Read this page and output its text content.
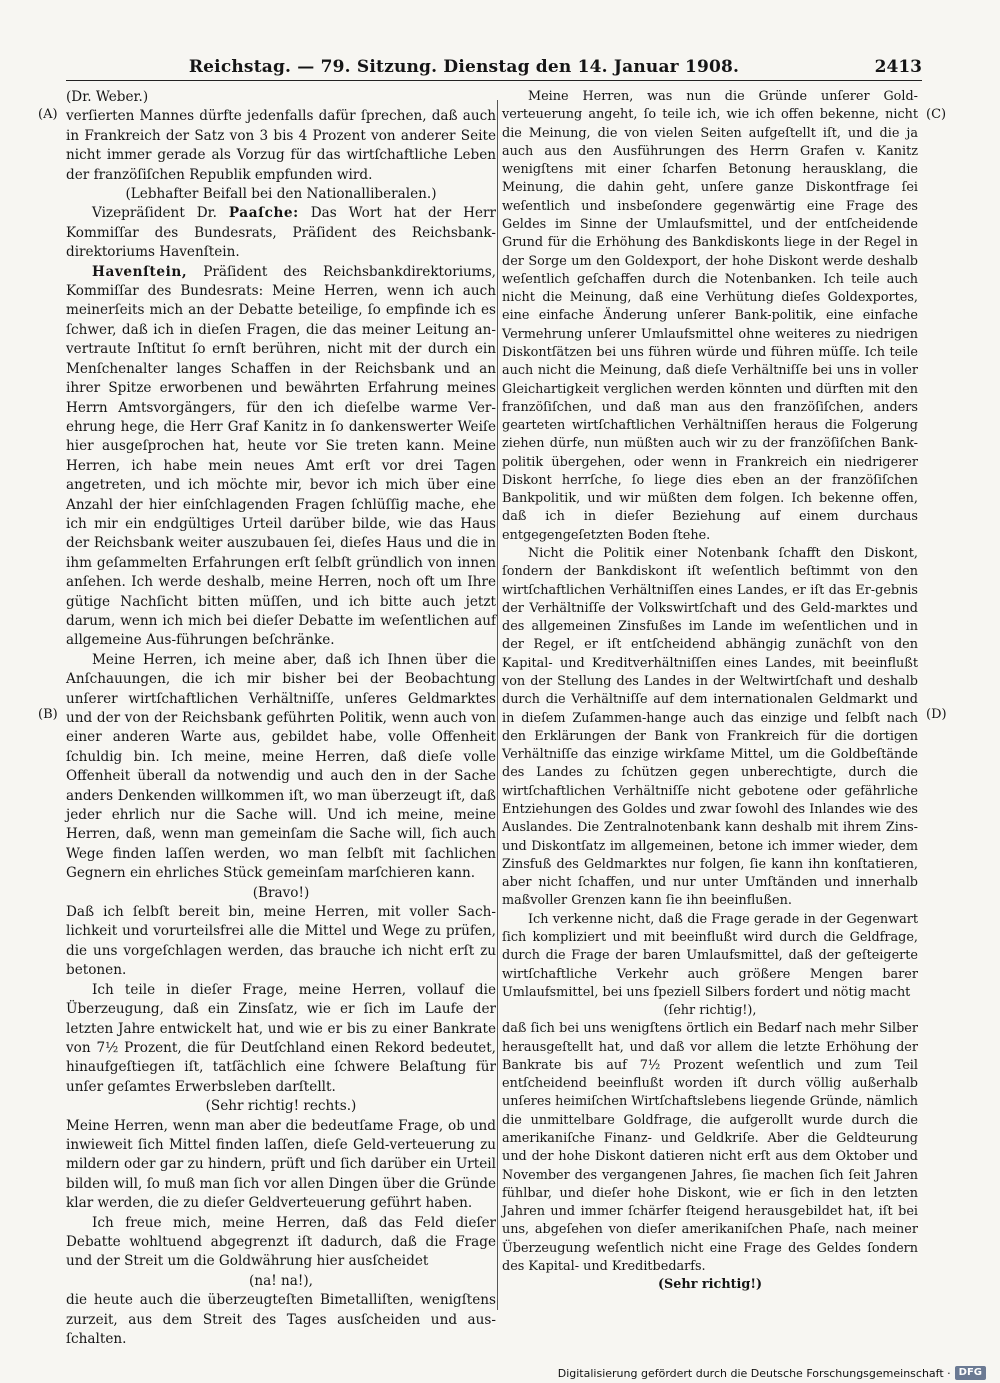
Reichstag. — 79. Sitzung. Dienstag den 14. Januar 1908.	2413
(A)
(B)
(C)
(D)

(Dr. Weber.)

verſierten Mannes dürfte jedenfalls dafür ſprechen, daß auch in Frankreich der Satz von 3 bis 4 Prozent von anderer Seite nicht immer gerade als Vorzug für das wirtſchaftliche Leben der franzöſiſchen Republik empfunden wird.

(Lebhafter Beifall bei den Nationalliberalen.)

Vizepräſident Dr. Paaſche: Das Wort hat der Herr Kommiſſar des Bundesrats, Präſident des Reichsbank-direktoriums Havenſtein.

Havenſtein, Präſident des Reichsbankdirektoriums, Kommiſſar des Bundesrats: Meine Herren, wenn ich auch meinerſeits mich an der Debatte beteilige, ſo empfinde ich es ſchwer, daß ich in dieſen Fragen, die das meiner Leitung an-vertraute Inſtitut ſo ernſt berühren, nicht mit der durch ein Menſchenalter langes Schaffen in der Reichsbank und an ihrer Spitze erworbenen und bewährten Erfahrung meines Herrn Amtsvorgängers, für den ich dieſelbe warme Ver-ehrung hege, die Herr Graf Kanitz in ſo dankenswerter Weiſe hier ausgeſprochen hat, heute vor Sie treten kann. Meine Herren, ich habe mein neues Amt erſt vor drei Tagen angetreten, und ich möchte mir, bevor ich mich über eine Anzahl der hier einſchlagenden Fragen ſchlüſſig mache, ehe ich mir ein endgültiges Urteil darüber bilde, wie das Haus der Reichsbank weiter auszubauen ſei, dieſes Haus und die in ihm geſammelten Erfahrungen erſt ſelbſt gründlich von innen anſehen. Ich werde deshalb, meine Herren, noch oft um Ihre gütige Nachſicht bitten müſſen, und ich bitte auch jetzt darum, wenn ich mich bei dieſer Debatte im weſentlichen auf allgemeine Aus-führungen beſchränke.

Meine Herren, ich meine aber, daß ich Ihnen über die Anſchauungen, die ich mir bisher bei der Beobachtung unſerer wirtſchaftlichen Verhältniſſe, unſeres Geldmarktes und der von der Reichsbank geführten Politik, wenn auch von einer anderen Warte aus, gebildet habe, volle Offenheit ſchuldig bin. Ich meine, meine Herren, daß dieſe volle Offenheit überall da notwendig und auch den in der Sache anders Denkenden willkommen iſt, wo man überzeugt iſt, daß jeder ehrlich nur die Sache will. Und ich meine, meine Herren, daß, wenn man gemeinſam die Sache will, ſich auch Wege finden laſſen werden, wo man ſelbſt mit ſachlichen Gegnern ein ehrliches Stück gemeinſam marſchieren kann.

(Bravo!)

Daß ich ſelbſt bereit bin, meine Herren, mit voller Sach-lichkeit und vorurteilsfrei alle die Mittel und Wege zu prüfen, die uns vorgeſchlagen werden, das brauche ich nicht erſt zu betonen.

Ich teile in dieſer Frage, meine Herren, vollauf die Überzeugung, daß ein Zinsſatz, wie er ſich im Laufe der letzten Jahre entwickelt hat, und wie er bis zu einer Bankrate von 7½ Prozent, die für Deutſchland einen Rekord bedeutet, hinaufgeſtiegen iſt, tatſächlich eine ſchwere Belaſtung für unſer geſamtes Erwerbsleben darſtellt.

(Sehr richtig! rechts.)

Meine Herren, wenn man aber die bedeutſame Frage, ob und inwieweit ſich Mittel finden laſſen, dieſe Geld-verteuerung zu mildern oder gar zu hindern, prüft und ſich darüber ein Urteil bilden will, ſo muß man ſich vor allen Dingen über die Gründe klar werden, die zu dieſer Geldverteuerung geführt haben.

Ich freue mich, meine Herren, daß das Feld dieſer Debatte wohltuend abgegrenzt iſt dadurch, daß die Frage und der Streit um die Goldwährung hier ausſcheidet

(na! na!),

die heute auch die überzeugteſten Bimetalliſten, wenigſtens zurzeit, aus dem Streit des Tages ausſcheiden und aus-ſchalten.

Meine Herren, was nun die Gründe unſerer Gold-verteuerung angeht, ſo teile ich, wie ich offen bekenne, nicht die Meinung, die von vielen Seiten aufgeſtellt iſt, und die ja auch aus den Ausführungen des Herrn Grafen v. Kanitz wenigſtens mit einer ſcharfen Betonung herausklang, die Meinung, die dahin geht, unſere ganze Diskontfrage ſei weſentlich und insbeſondere gegenwärtig eine Frage des Geldes im Sinne der Umlaufsmittel, und der entſcheidende Grund für die Erhöhung des Bankdiskonts liege in der Regel in der Sorge um den Goldexport, der hohe Diskont werde deshalb weſentlich geſchaffen durch die Notenbanken. Ich teile auch nicht die Meinung, daß eine Verhütung dieſes Goldexportes, eine einfache Änderung unſerer Bank-politik, eine einfache Vermehrung unſerer Umlaufsmittel ohne weiteres zu niedrigen Diskontſätzen bei uns führen würde und führen müſſe. Ich teile auch nicht die Meinung, daß dieſe Verhältniſſe bei uns in voller Gleichartigkeit verglichen werden könnten und dürften mit den franzöſiſchen, und daß man aus den franzöſiſchen, anders gearteten wirtſchaftlichen Verhältniſſen heraus die Folgerung ziehen dürfe, nun müßten auch wir zu der franzöſiſchen Bank-politik übergehen, oder wenn in Frankreich ein niedrigerer Diskont herrſche, ſo liege dies eben an der franzöſiſchen Bankpolitik, und wir müßten dem folgen. Ich bekenne offen, daß ich in dieſer Beziehung auf einem durchaus entgegengeſetzten Boden ſtehe.

Nicht die Politik einer Notenbank ſchafft den Diskont, ſondern der Bankdiskont iſt weſentlich beſtimmt von den wirtſchaftlichen Verhältniſſen eines Landes, er iſt das Er-gebnis der Verhältniſſe der Volkswirtſchaft und des Geld-marktes und des allgemeinen Zinsfußes im Lande im weſentlichen und in der Regel, er iſt entſcheidend abhängig zunächſt von den Kapital- und Kreditverhältniſſen eines Landes, mit beeinflußt von der Stellung des Landes in der Weltwirtſchaft und deshalb durch die Verhältniſſe auf dem internationalen Geldmarkt und in dieſem Zuſammen-hange auch das einzige und ſelbſt nach den Erklärungen der Bank von Frankreich für die dortigen Verhältniſſe das einzige wirkſame Mittel, um die Goldbeſtände des Landes zu ſchützen gegen unberechtigte, durch die wirtſchaftlichen Verhältniſſe nicht gebotene oder gefährliche Entziehungen des Goldes und zwar ſowohl des Inlandes wie des Auslandes. Die Zentralnotenbank kann deshalb mit ihrem Zins- und Diskontſatz im allgemeinen, betone ich immer wieder, dem Zinsfuß des Geldmarktes nur folgen, ſie kann ihn konſtatieren, aber nicht ſchaffen, und nur unter Umſtänden und innerhalb maßvoller Grenzen kann ſie ihn beeinflußen.

Ich verkenne nicht, daß die Frage gerade in der Gegenwart ſich kompliziert und mit beeinflußt wird durch die Geldfrage, durch die Frage der baren Umlaufsmittel, daß der geſteigerte wirtſchaftliche Verkehr auch größere Mengen barer Umlaufsmittel, bei uns ſpeziell Silbers fordert und nötig macht

(ſehr richtig!),

daß ſich bei uns wenigſtens örtlich ein Bedarf nach mehr Silber herausgeſtellt hat, und daß vor allem die letzte Erhöhung der Bankrate bis auf 7½ Prozent weſentlich und zum Teil entſcheidend beeinflußt worden iſt durch völlig außerhalb unſeres heimiſchen Wirtſchaftslebens liegende Gründe, nämlich die unmittelbare Goldfrage, die aufgerollt wurde durch die amerikaniſche Finanz- und Geldkriſe. Aber die Geldteurung und der hohe Diskont datieren nicht erſt aus dem Oktober und November des vergangenen Jahres, ſie machen ſich ſeit Jahren fühlbar, und dieſer hohe Diskont, wie er ſich in den letzten Jahren und immer ſchärfer ſteigend herausgebildet hat, iſt bei uns, abgeſehen von dieſer amerikaniſchen Phaſe, nach meiner Überzeugung weſentlich nicht eine Frage des Geldes ſondern des Kapital- und Kreditbedarfs.

(Sehr richtig!)

Digitalisierung gefördert durch die Deutsche Forschungsgemeinschaft · DFG
